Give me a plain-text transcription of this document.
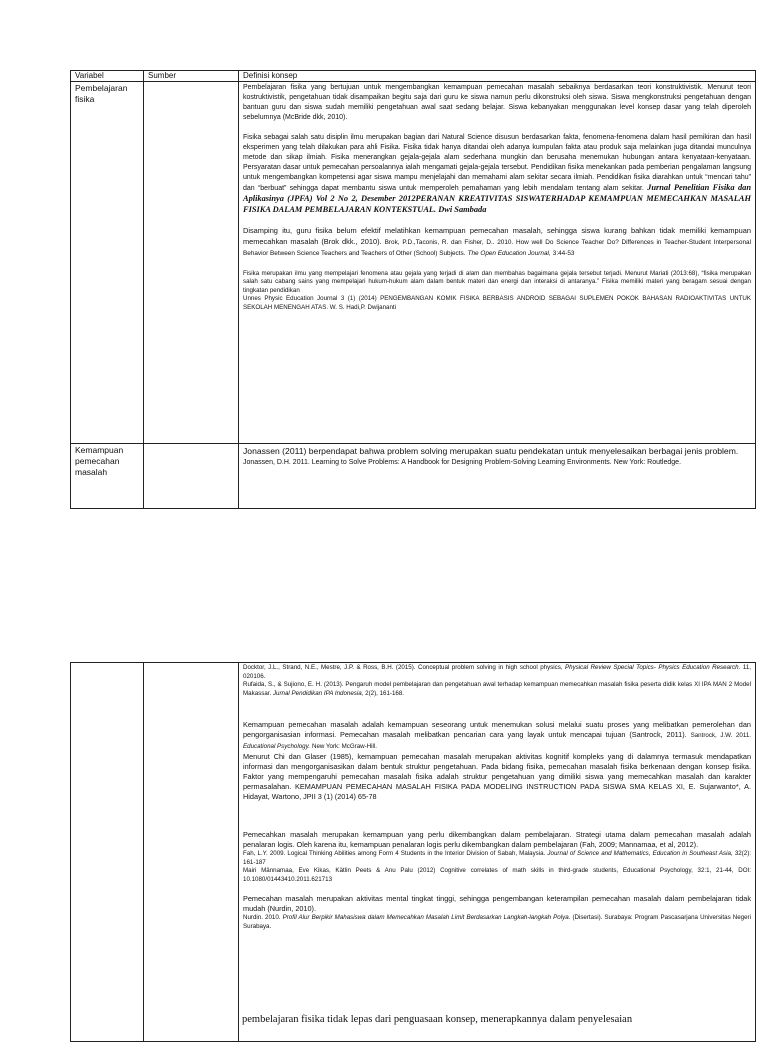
Variabel	Sumber	Definisi konsep
Pembelajaran fisika		Pembelajaran fisika yang bertujuan untuk mengembangkan kemampuan pemecahan masalah sebaiknya berdasarkan teori konstruktivistik. Menurut teori kostruktivistik, pengetahuan tidak disampaikan begitu saja dari guru ke siswa namun perlu dikonstruksi oleh siswa. Siswa mengkonstruksi pengetahuan dengan bantuan guru dan siswa sudah memiliki pengetahuan awal saat sedang belajar. Siswa kebanyakan menggunakan level konsep dasar yang telah diperoleh sebelumnya (McBride dkk, 2010).

Fisika sebagai salah satu disiplin ilmu merupakan bagian dari Natural Science disusun berdasarkan fakta, fenomena-fenomena dalam hasil pemikiran dan hasil eksperimen yang telah dilakukan para ahli Fisika. Fisika tidak hanya ditandai oleh adanya kumpulan fakta atau produk saja melainkan juga ditandai munculnya metode dan sikap ilmiah. Fisika menerangkan gejala-gejala alam sederhana mungkin dan berusaha menemukan hubungan antara kenyataan-kenyataan. Persyaratan dasar untuk pemecahan persoalannya ialah mengamati gejala-gejala tersebut. Pendidikan fisika menekankan pada pemberian pengalaman langsung untuk mengembangkan kompetensi agar siswa mampu menjelajahi dan memahami alam sekitar secara ilmiah. Pendidikan fisika diarahkan untuk “mencari tahu” dan “berbuat” sehingga dapat membantu siswa untuk memperoleh pemahaman yang lebih mendalam tentang alam sekitar. Jurnal Penelitian Fisika dan Aplikasinya (JPFA) Vol 2 No 2, Desember 2012PERANAN KREATIVITAS SISWATERHADAP KEMAMPUAN MEMECAHKAN MASALAH FISIKA DALAM PEMBELAJARAN KONTEKSTUAL. Dwi Sambada

Disamping itu, guru fisika belum efektif melatihkan kemampuan pemecahan masalah, sehingga siswa kurang bahkan tidak memiliki kemampuan memecahkan masalah (Brok dkk., 2010). Brok, P.D.,Taconis, R. dan Fisher, D.. 2010. How well Do Science Teacher Do? Differences in Teacher-Student Interpersonal Behavior Between Science Teachers and Teachers of Other (School) Subjects. The Open Education Journal, 3:44-53

Fisika merupakan ilmu yang mempelajari fenomena atau gejala yang terjadi di alam dan membahas bagaimana gejala tersebut terjadi. Menurut Mariati (2013:68), “fisika merupakan salah satu cabang sains yang mempelajari hukum-hukum alam dalam bentuk materi dan energi dan interaksi di antaranya.” Fisika memiliki materi yang beragam sesuai dengan tingkatan pendidikan

Unnes Physic Education Journal 3 (1) (2014) PENGEMBANGAN KOMIK FISIKA BERBASIS ANDROID SEBAGAI SUPLEMEN POKOK BAHASAN RADIOAKTIVITAS UNTUK SEKOLAH MENENGAH ATAS. W. S. Hadi,P. Dwijananti

Kemampuan pemecahan masalah		Jonassen (2011) berpendapat bahwa problem solving merupakan suatu pendekatan untuk menyelesaikan berbagai jenis problem.

Jonassen, D.H. 2011. Learning to Solve Problems: A Handbook for Designing Problem-Solving Learning Environments. New York: Routledge.

Docktor, J.L., Strand, N.E., Mestre, J.P. & Ross, B.H. (2015). Conceptual problem solving in high school physics, Physical Review Special Topics- Physics Education Research. 11, 020106.

Rufaida, S., & Sujiono, E. H. (2013). Pengaruh model pembelajaran dan pengetahuan awal terhadap kemampuan memecahkan masalah fisika peserta didik kelas XI IPA MAN 2 Model Makassar. Jurnal Pendidikan IPA Indonesia, 2(2), 161-168.

Kemampuan pemecahan masalah adalah kemampuan seseorang untuk menemukan solusi melalui suatu proses yang melibatkan pemerolehan dan pengorganisasian informasi. Pemecahan masalah melibatkan pencarian cara yang layak untuk mencapai tujuan (Santrock, 2011). Santrock, J.W. 2011. Educational Psychology. New York: McGraw-Hill.

Menurut Chi dan Glaser (1985), kemampuan pemecahan masalah merupakan aktivitas kognitif kompleks yang di dalamnya termasuk mendapatkan informasi dan mengorganisasikan dalam bentuk struktur pengetahuan. Pada bidang fisika, pemecahan masalah fisika berkenaan dengan konsep fisika. Faktor yang mempengaruhi pemecahan masalah fisika adalah struktur pengetahuan yang dimiliki siswa yang memecahkan masalah dan karakter permasalahan. KEMAMPUAN PEMECAHAN MASALAH FISIKA PADA MODELING INSTRUCTION PADA SISWA SMA KELAS XI, E. Sujarwanto*, A. Hidayat, Wartono, JPII 3 (1) (2014) 65-78

Pemecahkan masalah merupakan kemampuan yang perlu dikembangkan dalam pembelajaran. Strategi utama dalam pemecahan masalah adalah penalaran logis. Oleh karena itu, kemampuan penalaran logis perlu dikembangkan dalam pembelajaran (Fah, 2009; Mannamaa, et al, 2012).

Fah, L.Y. 2009. Logical Thinking Abilities among Form 4 Students in the Interior Division of Sabah, Malaysia. Journal of Science and Mathematics, Education in Southeast Asia, 32(2): 161-187

Mairi Männamaa, Eve Kikas, Kätlin Peets & Anu Palu (2012) Cognitive correlates of math skills in third-grade students, Educational Psychology, 32:1, 21-44, DOI: 10.1080/01443410.2011.621713

Pemecahan masalah merupakan aktivitas mental tingkat tinggi, sehingga pengembangan keterampilan pemecahan masalah dalam pembelajaran tidak mudah (Nurdin, 2010).

Nurdin. 2010. Profil Alur Berpikir Mahasiswa dalam Memecahkan Masalah Limit Berdasarkan Langkah-langkah Polya. (Disertasi). Surabaya: Program Pascasarjana Universitas Negeri Surabaya.

pembelajaran fisika tidak lepas dari penguasaan konsep, menerapkannya dalam penyelesaian
